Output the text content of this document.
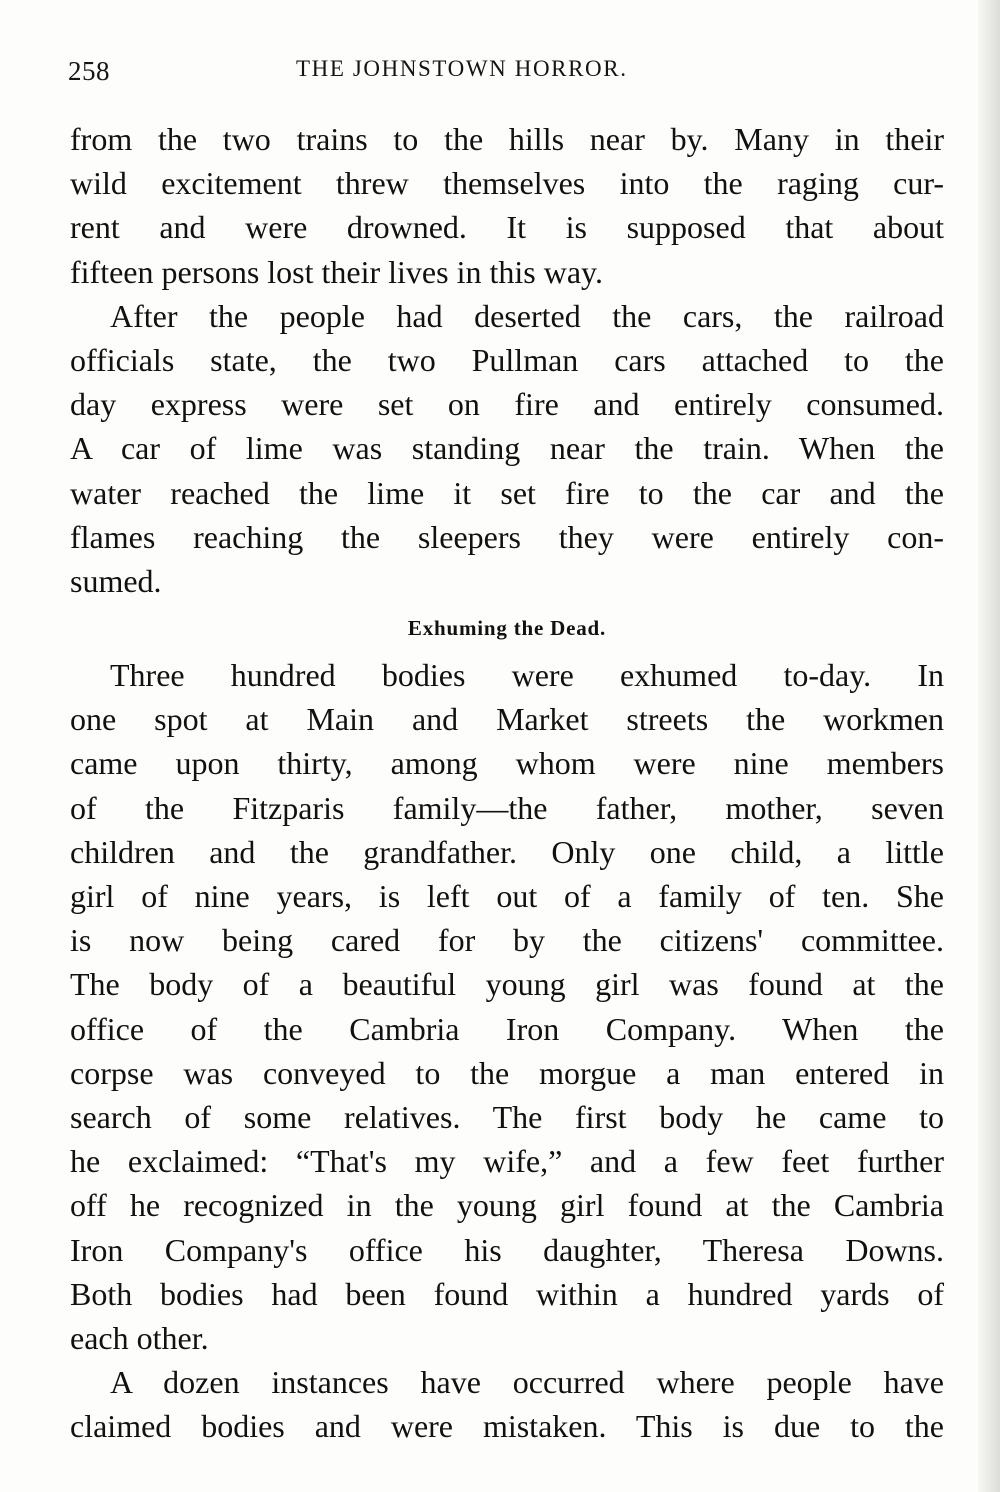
258	THE JOHNSTOWN HORROR.
from the two trains to the hills near by. Many in their
wild excitement threw themselves into the raging cur-
rent and were drowned. It is supposed that about
fifteen persons lost their lives in this way.
After the people had deserted the cars, the railroad
officials state, the two Pullman cars attached to the
day express were set on fire and entirely consumed.
A car of lime was standing near the train. When the
water reached the lime it set fire to the car and the
flames reaching the sleepers they were entirely con-
sumed.
Exhuming the Dead.
Three hundred bodies were exhumed to-day. In
one spot at Main and Market streets the workmen
came upon thirty, among whom were nine members
of the Fitzparis family—the father, mother, seven
children and the grandfather. Only one child, a little
girl of nine years, is left out of a family of ten. She
is now being cared for by the citizens' committee.
The body of a beautiful young girl was found at the
office of the Cambria Iron Company. When the
corpse was conveyed to the morgue a man entered in
search of some relatives. The first body he came to
he exclaimed: “That's my wife,” and a few feet further
off he recognized in the young girl found at the Cambria
Iron Company's office his daughter, Theresa Downs.
Both bodies had been found within a hundred yards of
each other.
A dozen instances have occurred where people have
claimed bodies and were mistaken. This is due to the
